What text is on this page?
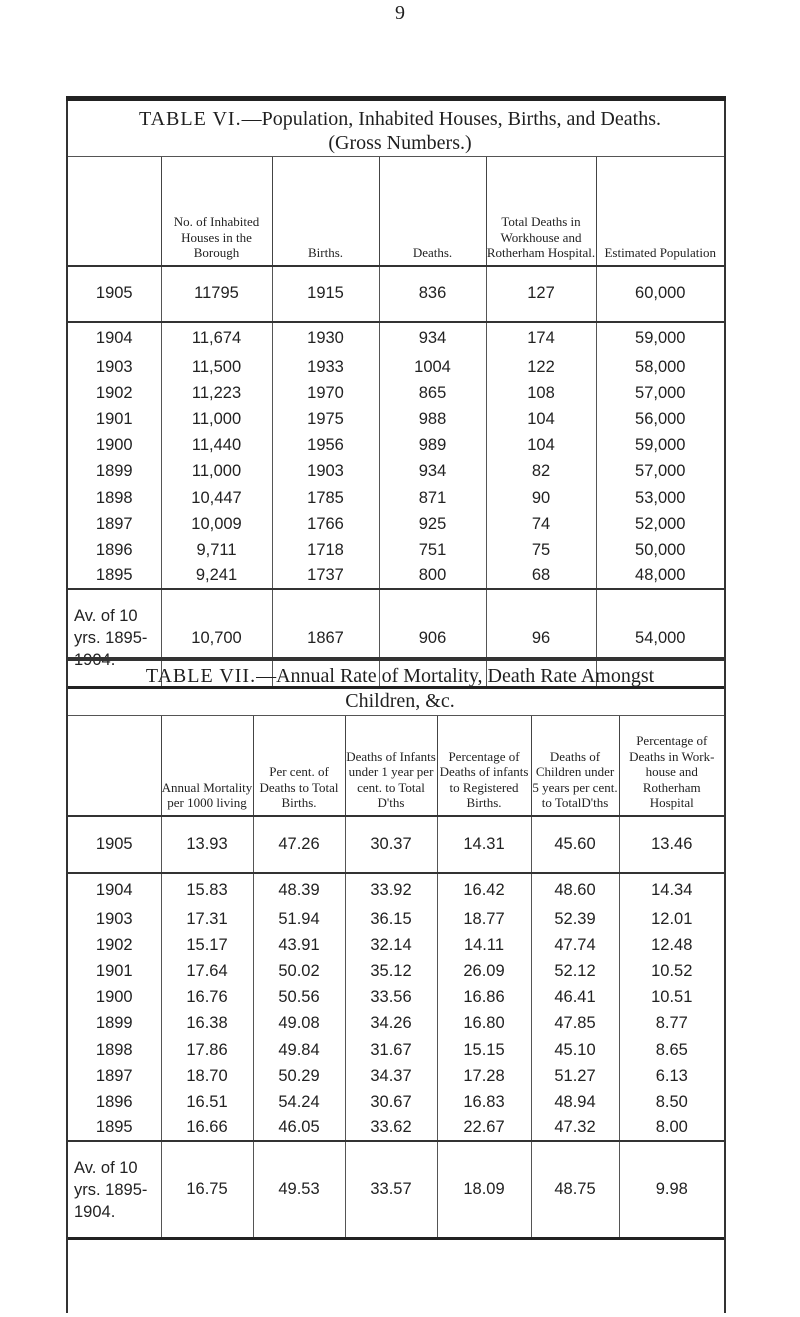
9
TABLE VI.—Population, Inhabited Houses, Births, and Deaths.
(Gross Numbers.)
	No. of Inhabited Houses in the Borough	Births.	Deaths.	Total Deaths in Workhouse and Rotherham Hospital.	Estimated Population
1905	11795	1915	836	127	60,000
1904	11,674	1930	934	174	59,000
1903	11,500	1933	1004	122	58,000
1902	11,223	1970	865	108	57,000
1901	11,000	1975	988	104	56,000
1900	11,440	1956	989	104	59,000
1899	11,000	1903	934	82	57,000
1898	10,447	1785	871	90	53,000
1897	10,009	1766	925	74	52,000
1896	9,711	1718	751	75	50,000
1895	9,241	1737	800	68	48,000
Av. of 10 yrs. 1895-	10,700	1867	906	96	54,000
TABLE VII.—Annual Rate of Mortality, Death Rate Amongst
Children, &c.
	Annual Mortality per 1000 living	Per cent. of Deaths to Total Births.	Deaths of Infants under 1 year per cent. to Total D'ths	Percentage of Deaths of infants to Registered Births.	Deaths of Children under 5 years per cent. to TotalD'ths	Percentage of Deaths in Work-house and Rotherham Hospital
1905	13.93	47.26	30.37	14.31	45.60	13.46
1904	15.83	48.39	33.92	16.42	48.60	14.34
1903	17.31	51.94	36.15	18.77	52.39	12.01
1902	15.17	43.91	32.14	14.11	47.74	12.48
1901	17.64	50.02	35.12	26.09	52.12	10.52
1900	16.76	50.56	33.56	16.86	46.41	10.51
1899	16.38	49.08	34.26	16.80	47.85	8.77
1898	17.86	49.84	31.67	15.15	45.10	8.65
1897	18.70	50.29	34.37	17.28	51.27	6.13
1896	16.51	54.24	30.67	16.83	48.94	8.50
1895	16.66	46.05	33.62	22.67	47.32	8.00
Av. of 10 yrs. 1895- 1904.	16.75	49.53	33.57	18.09	48.75	9.98
